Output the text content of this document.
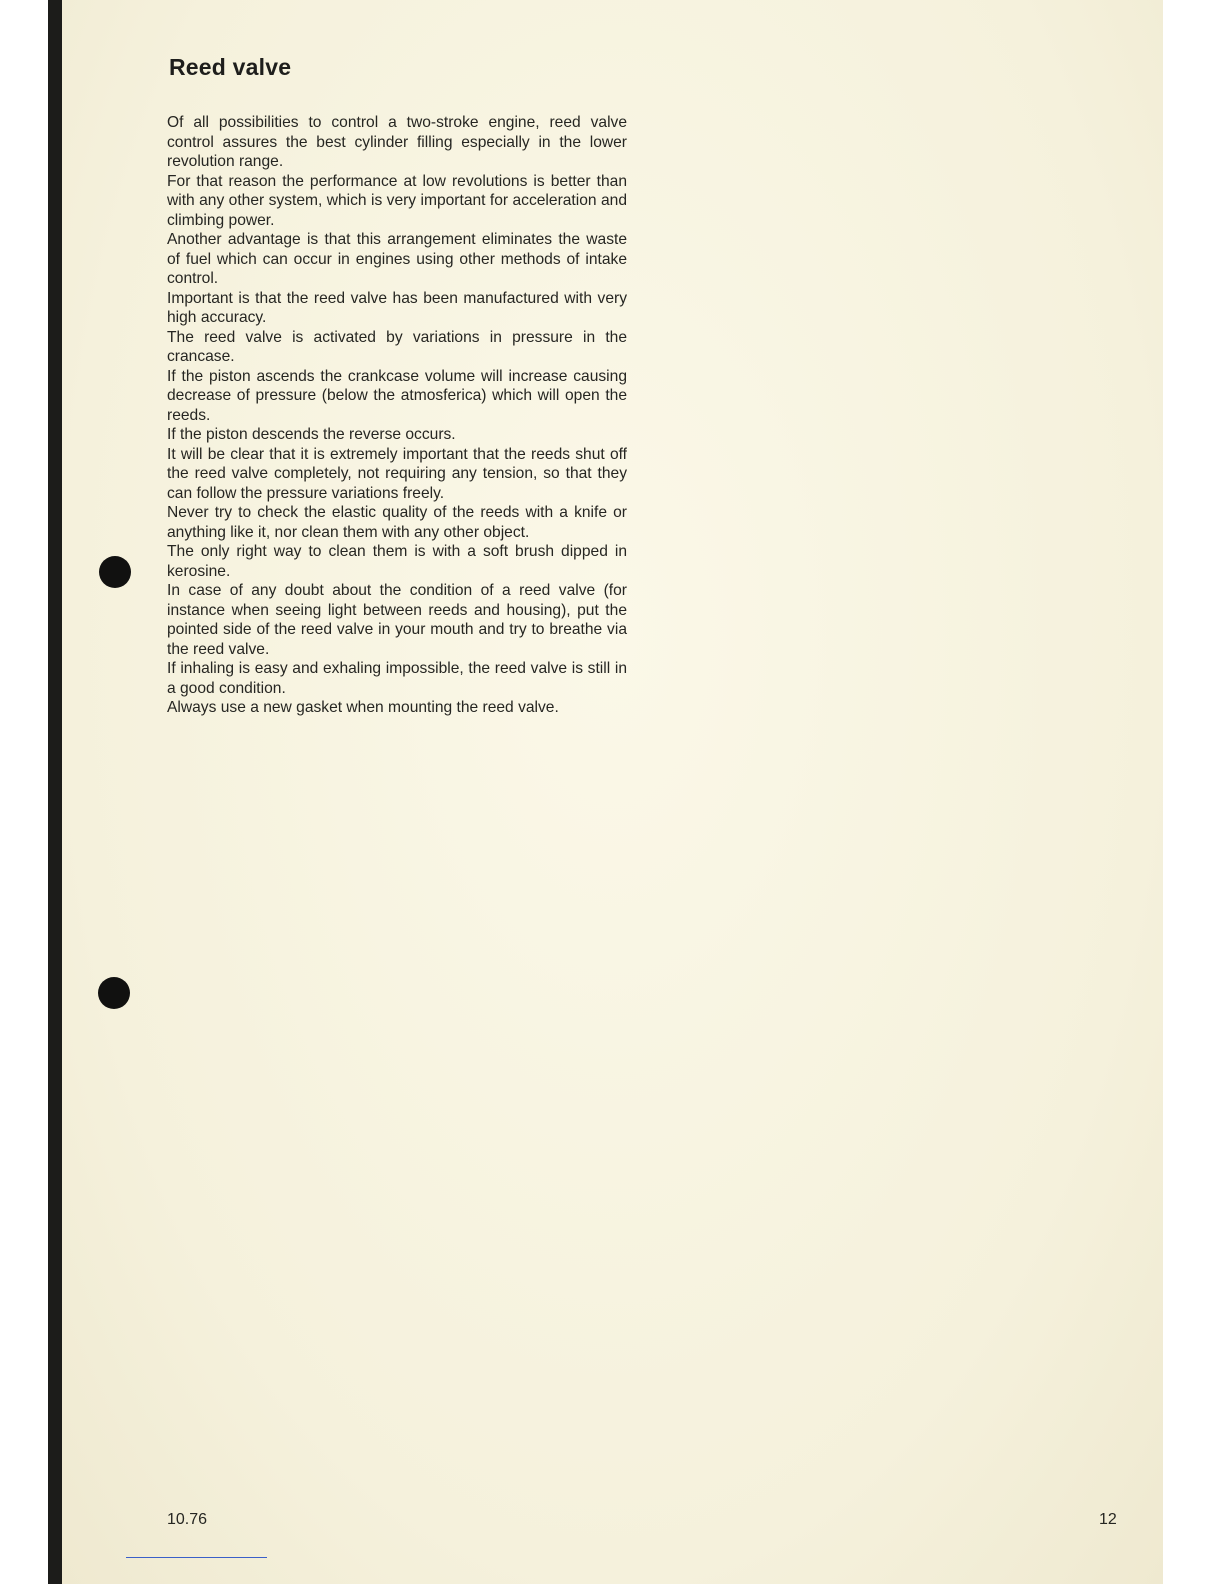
Reed valve

Of all possibilities to control a two-stroke engine, reed valve control assures the best cylinder filling especially in the lower revolution range.

For that reason the performance at low revolutions is better than with any other system, which is very important for acceleration and climbing power.

Another advantage is that this arrangement eliminates the waste of fuel which can occur in engines using other methods of intake control.

Important is that the reed valve has been manufactured with very high accuracy.

The reed valve is activated by variations in pressure in the crancase.

If the piston ascends the crankcase volume will increase causing decrease of pressure (below the atmosferica) which will open the reeds.

If the piston descends the reverse occurs.

It will be clear that it is extremely important that the reeds shut off the reed valve completely, not requiring any tension, so that they can follow the pressure variations freely.

Never try to check the elastic quality of the reeds with a knife or anything like it, nor clean them with any other object.

The only right way to clean them is with a soft brush dipped in kerosine.

In case of any doubt about the condition of a reed valve (for instance when seeing light between reeds and housing), put the pointed side of the reed valve in your mouth and try to breathe via the reed valve.

If inhaling is easy and exhaling impossible, the reed valve is still in a good condition.

Always use a new gasket when mounting the reed valve.

10.76	12
